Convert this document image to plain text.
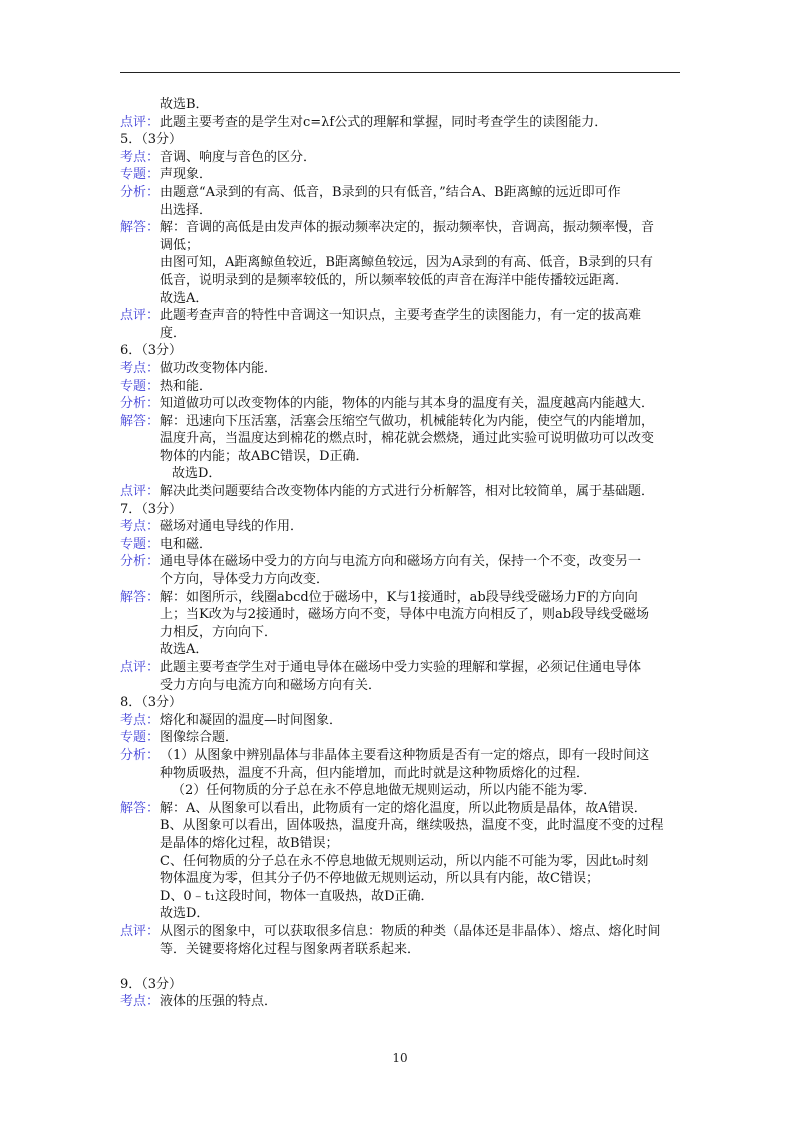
故选B．
点评： 此题主要考查的是学生对c=λf公式的理解和掌握，同时考查学生的读图能力．
5．（3分）
考点： 音调、响度与音色的区分．
专题： 声现象．
分析： 由题意“A录到的有高、低音，B录到的只有低音，”结合A、B距离鲸的远近即可作
出选择．
解答： 解：音调的高低是由发声体的振动频率决定的，振动频率快，音调高，振动频率慢，音
调低；
由图可知，A距离鲸鱼较近，B距离鲸鱼较远，因为A录到的有高、低音，B录到的只有
低音，说明录到的是频率较低的，所以频率较低的声音在海洋中能传播较远距离．
故选A．
点评： 此题考查声音的特性中音调这一知识点，主要考查学生的读图能力，有一定的拔高难
度．
6．（3分）
考点： 做功改变物体内能．
专题： 热和能．
分析： 知道做功可以改变物体的内能，物体的内能与其本身的温度有关，温度越高内能越大．
解答： 解：迅速向下压活塞，活塞会压缩空气做功，机械能转化为内能，使空气的内能增加，
温度升高，当温度达到棉花的燃点时，棉花就会燃烧，通过此实验可说明做功可以改变
物体的内能；故ABC错误，D正确．
故选D．
点评： 解决此类问题要结合改变物体内能的方式进行分析解答，相对比较简单，属于基础题．
7．（3分）
考点： 磁场对通电导线的作用．
专题： 电和磁．
分析： 通电导体在磁场中受力的方向与电流方向和磁场方向有关，保持一个不变，改变另一
个方向，导体受力方向改变．
解答： 解：如图所示，线圈abcd位于磁场中，K与1接通时，ab段导线受磁场力F的方向向
上；当K改为与2接通时，磁场方向不变，导体中电流方向相反了，则ab段导线受磁场
力相反，方向向下．
故选A．
点评： 此题主要考查学生对于通电导体在磁场中受力实验的理解和掌握，必须记住通电导体
受力方向与电流方向和磁场方向有关．
8．（3分）
考点： 熔化和凝固的温度—时间图象．
专题： 图像综合题．
分析： （1）从图象中辨别晶体与非晶体主要看这种物质是否有一定的熔点，即有一段时间这
种物质吸热，温度不升高，但内能增加，而此时就是这种物质熔化的过程．
（2）任何物质的分子总在永不停息地做无规则运动，所以内能不能为零．
解答： 解：A、从图象可以看出，此物质有一定的熔化温度，所以此物质是晶体，故A错误．
B、从图象可以看出，固体吸热，温度升高，继续吸热，温度不变，此时温度不变的过程
是晶体的熔化过程，故B错误；
C、任何物质的分子总在永不停息地做无规则运动，所以内能不可能为零，因此t₀时刻
物体温度为零，但其分子仍不停地做无规则运动，所以具有内能，故C错误；
D、0﹣t₁这段时间，物体一直吸热，故D正确．
故选D．
点评： 从图示的图象中，可以获取很多信息：物质的种类（晶体还是非晶体）、熔点、熔化时间
等．关键要将熔化过程与图象两者联系起来．
9．（3分）
考点： 液体的压强的特点．
10
